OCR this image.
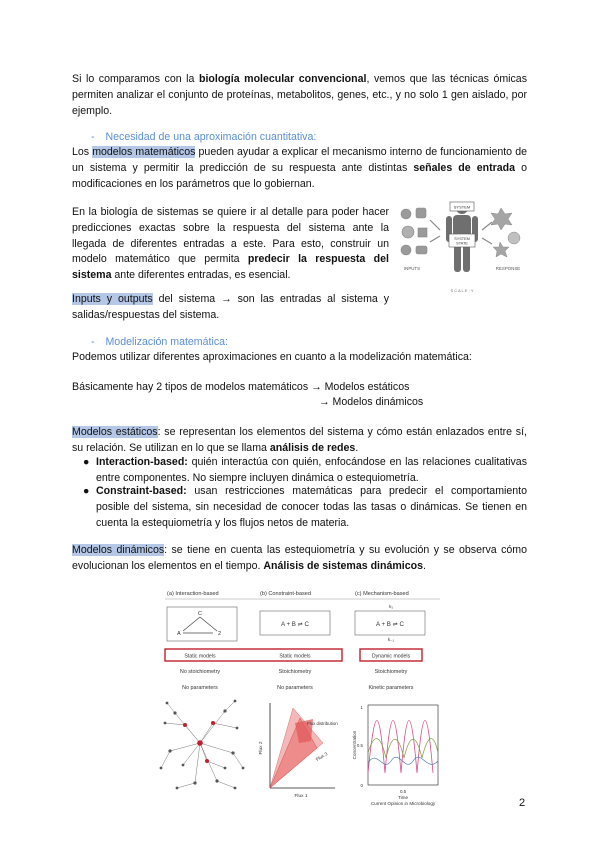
Si lo comparamos con la biología molecular convencional, vemos que las técnicas ómicas permiten analizar el conjunto de proteínas, metabolitos, genes, etc., y no solo 1 gen aislado, por ejemplo.
- Necesidad de una aproximación cuantitativa:
Los modelos matemáticos pueden ayudar a explicar el mecanismo interno de funcionamiento de un sistema y permitir la predicción de su respuesta ante distintas señales de entrada o modificaciones en los parámetros que lo gobiernan.
En la biología de sistemas se quiere ir al detalle para poder hacer predicciones exactas sobre la respuesta del sistema ante la llegada de diferentes entradas a este. Para esto, construir un modelo matemático que permita predecir la respuesta del sistema ante diferentes entradas, es esencial.
SYSTEM
SYSTEM
STATE
INPUTS	RESPONSE
S C A L E · Y
Inputs y outputs del sistema → son las entradas al sistema y salidas/respuestas del sistema.
- Modelización matemática:
Podemos utilizar diferentes aproximaciones en cuanto a la modelización matemática:
Básicamente hay 2 tipos de modelos matemáticos → Modelos estáticos
→ Modelos dinámicos
Modelos estáticos: se representan los elementos del sistema y cómo están enlazados entre sí, su relación. Se utilizan en lo que se llama análisis de redes.
● Interaction-based: quién interactúa con quién, enfocándose en las relaciones cualitativas entre componentes. No siempre incluyen dinámica o estequiometría.
● Constraint-based: usan restricciones matemáticas para predecir el comportamiento posible del sistema, sin necesidad de conocer todas las tasas o dinámicas. Se tienen en cuenta la estequiometría y los flujos netos de materia.
Modelos dinámicos: se tiene en cuenta las estequiometría y su evolución y se observa cómo evolucionan los elementos en el tiempo. Análisis de sistemas dinámicos.
(a) Interaction-based	(b) Constraint-based	(c) Mechanism-based
A
C
2
A + B ⇌ C	A + B ⇌ C
k₁
k₋₁
Static models	Static models	Dynamic models
No stoichiometry	Stoichiometry	Stoichiometry
No parameters	No parameters	Kinetic parameters
Flux distribution
Flux 1
Flux 2
Flux 3
0
0.5
1
0.5
Time
Concentration
Current Opinion in Microbiology	2
